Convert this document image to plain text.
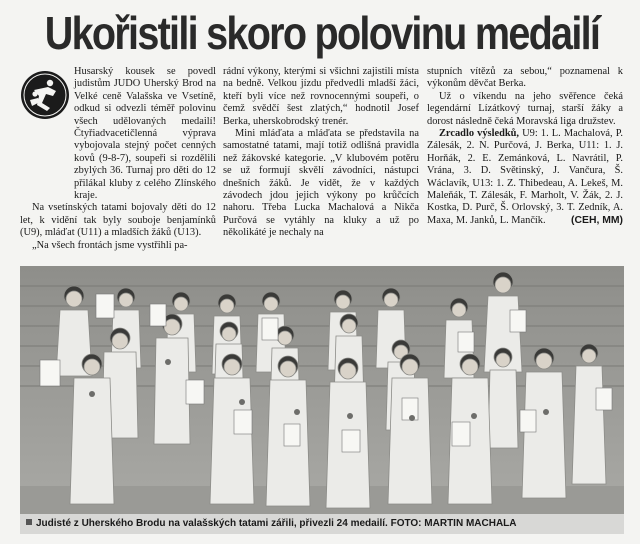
Ukořistili skoro polovinu medailí

Husarský kousek se povedl judistům JUDO Uherský Brod na Velké ceně Valašska ve Vsetíně, odkud si odvezli téměř polovinu všech udělovaných medailí! Čtyřiadvacetičlenná výprava vybojovala stejný počet cenných kovů (9-8-7), soupeři si rozdělili zbylých 36. Turnaj pro děti do 12 přilákal kluby z celého Zlínského kraje.

Na vsetínských tatami bojovaly děti do 12 let, k vidění tak byly souboje benjamínků (U9), mláďat (U11) a mladších žáků (U13).

„Na všech frontách jsme vystřihli pa-

rádní výkony, kterými si všichni zajistili místa na bedně. Velkou jízdu předvedli mladší žáci, kteří byli více než rovnocennými soupeři, o čemž svědčí šest zlatých,“ hodnotil Josef Berka, uherskobrodský trenér.

Mini mláďata a mláďata se představila na samostatné tatami, mají totiž odlišná pravidla než žákovské kategorie. „V klubovém potěru se už formují skvělí závodníci, nástupci dnešních žáků. Je vidět, že v každých závodech jdou jejich výkony po krůčcích nahoru. Třeba Lucka Machalová a Nikča Purčová se vytáhly na kluky a už po několikáté je nechaly na

stupních vítězů za sebou,“ poznamenal k výkonům děvčat Berka.

Už o víkendu na jeho svěřence čeká legendární Lízátkový turnaj, starší žáky a dorost následně čeká Moravská liga družstev.

Zrcadlo výsledků, U9: 1. L. Machalová, P. Zálesák, 2. N. Purčová, J. Berka, U11: 1. J. Horňák, 2. E. Zemánková, L. Navrátil, P. Vrána, 3. D. Světinský, J. Vančura, Š. Wáclavík, U13: 1. Z. Thibedeau, A. Lekeš, M. Maleňák, T. Zálesák, F. Marholt, V. Žák, 2. J. Kostka, D. Purč, Š. Orlovský, 3. T. Zedník, A. Maxa, M. Janků, L. Mančík.	(CEH, MM)

Judisté z Uherského Brodu na valašských tatami zářili, přivezli 24 medailí. FOTO: MARTIN MACHALA
